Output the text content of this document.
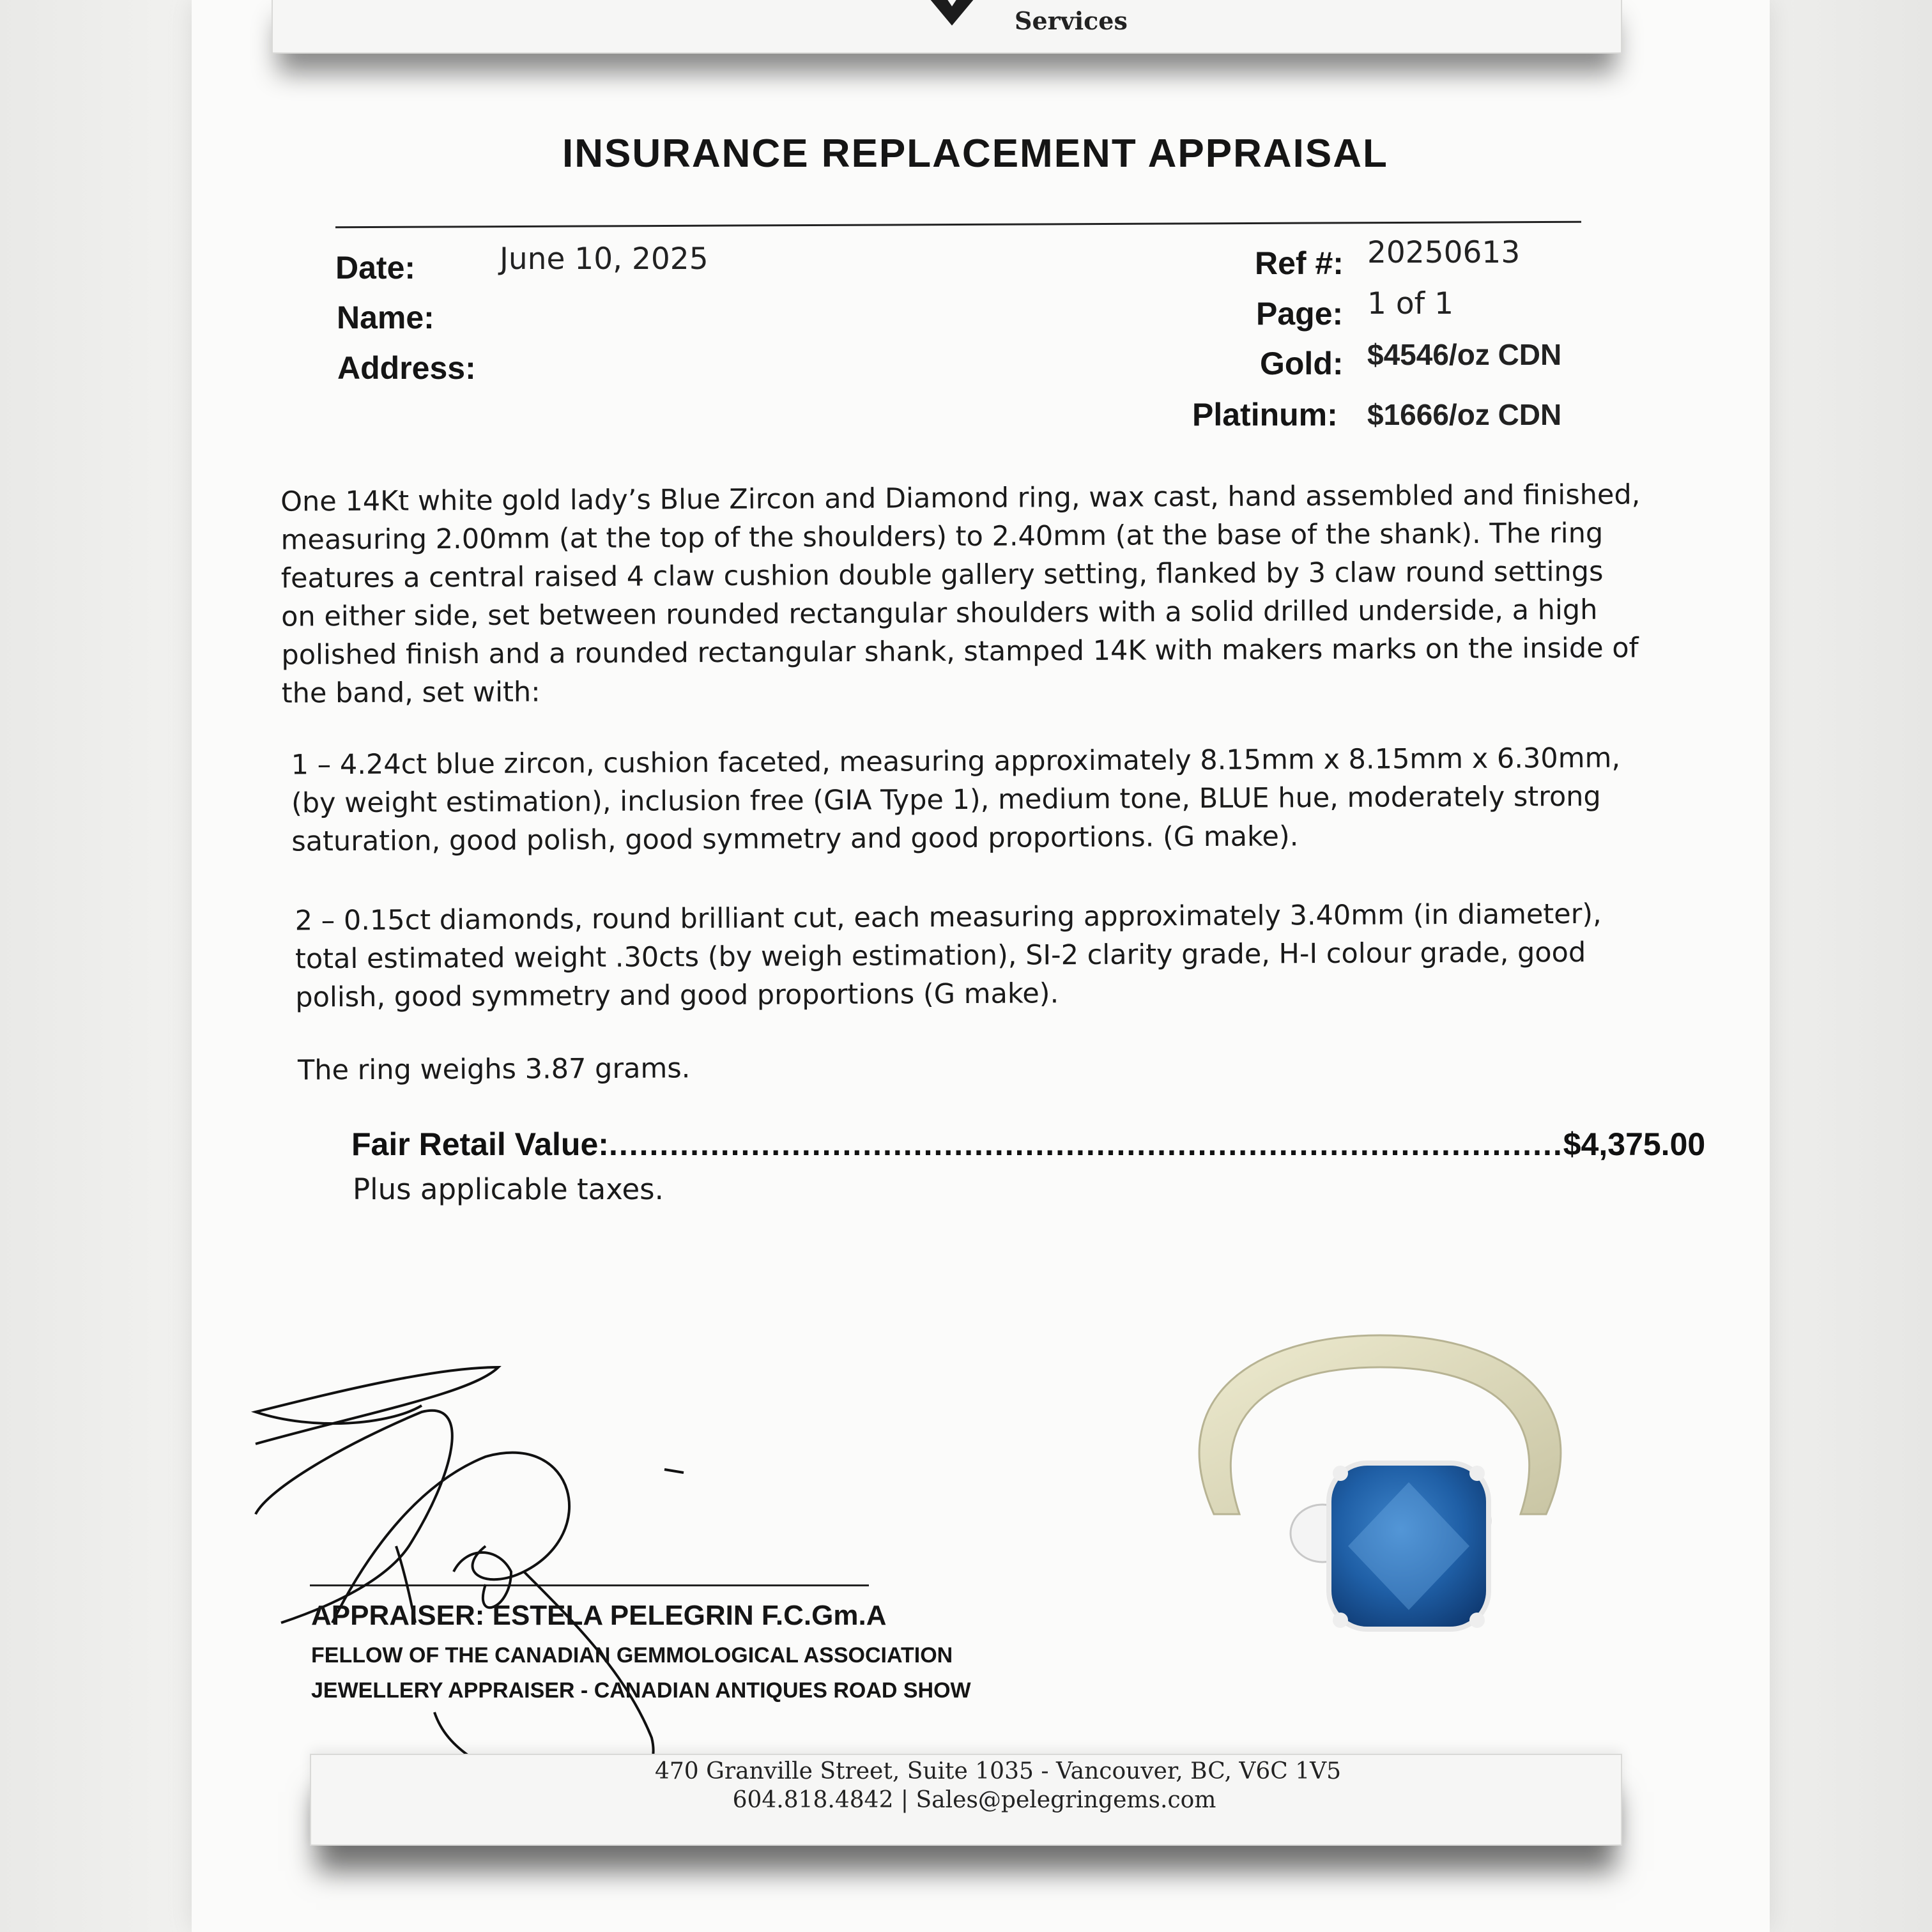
Services
INSURANCE REPLACEMENT APPRAISAL
Date:	June 10, 2025
Name:
Address:
Ref #: 20250613
Page: 1 of 1
Gold: $4546/oz CDN
Platinum: $1666/oz CDN
One 14Kt white gold lady’s Blue Zircon and Diamond ring, wax cast, hand assembled and finished, measuring 2.00mm (at the top of the shoulders) to 2.40mm (at the base of the shank). The ring features a central raised 4 claw cushion double gallery setting, flanked by 3 claw round settings on either side, set between rounded rectangular shoulders with a solid drilled underside, a high polished finish and a rounded rectangular shank, stamped 14K with makers marks on the inside of the band, set with:
1 – 4.24ct blue zircon, cushion faceted, measuring approximately 8.15mm x 8.15mm x 6.30mm, (by weight estimation), inclusion free (GIA Type 1), medium tone, BLUE hue, moderately strong saturation, good polish, good symmetry and good proportions. (G make).
2 – 0.15ct diamonds, round brilliant cut, each measuring approximately 3.40mm (in diameter), total estimated weight .30cts (by weigh estimation), SI-2 clarity grade, H-I colour grade, good polish, good symmetry and good proportions (G make).
The ring weighs 3.87 grams.
Fair Retail Value: .............................................................................................. $4,375.00
Plus applicable taxes.
APPRAISER: ESTELA PELEGRIN F.C.Gm.A
FELLOW OF THE CANADIAN GEMMOLOGICAL ASSOCIATION
JEWELLERY APPRAISER - CANADIAN ANTIQUES ROAD SHOW
470 Granville Street, Suite 1035 - Vancouver, BC, V6C 1V5
604.818.4842 | Sales@pelegringems.com
